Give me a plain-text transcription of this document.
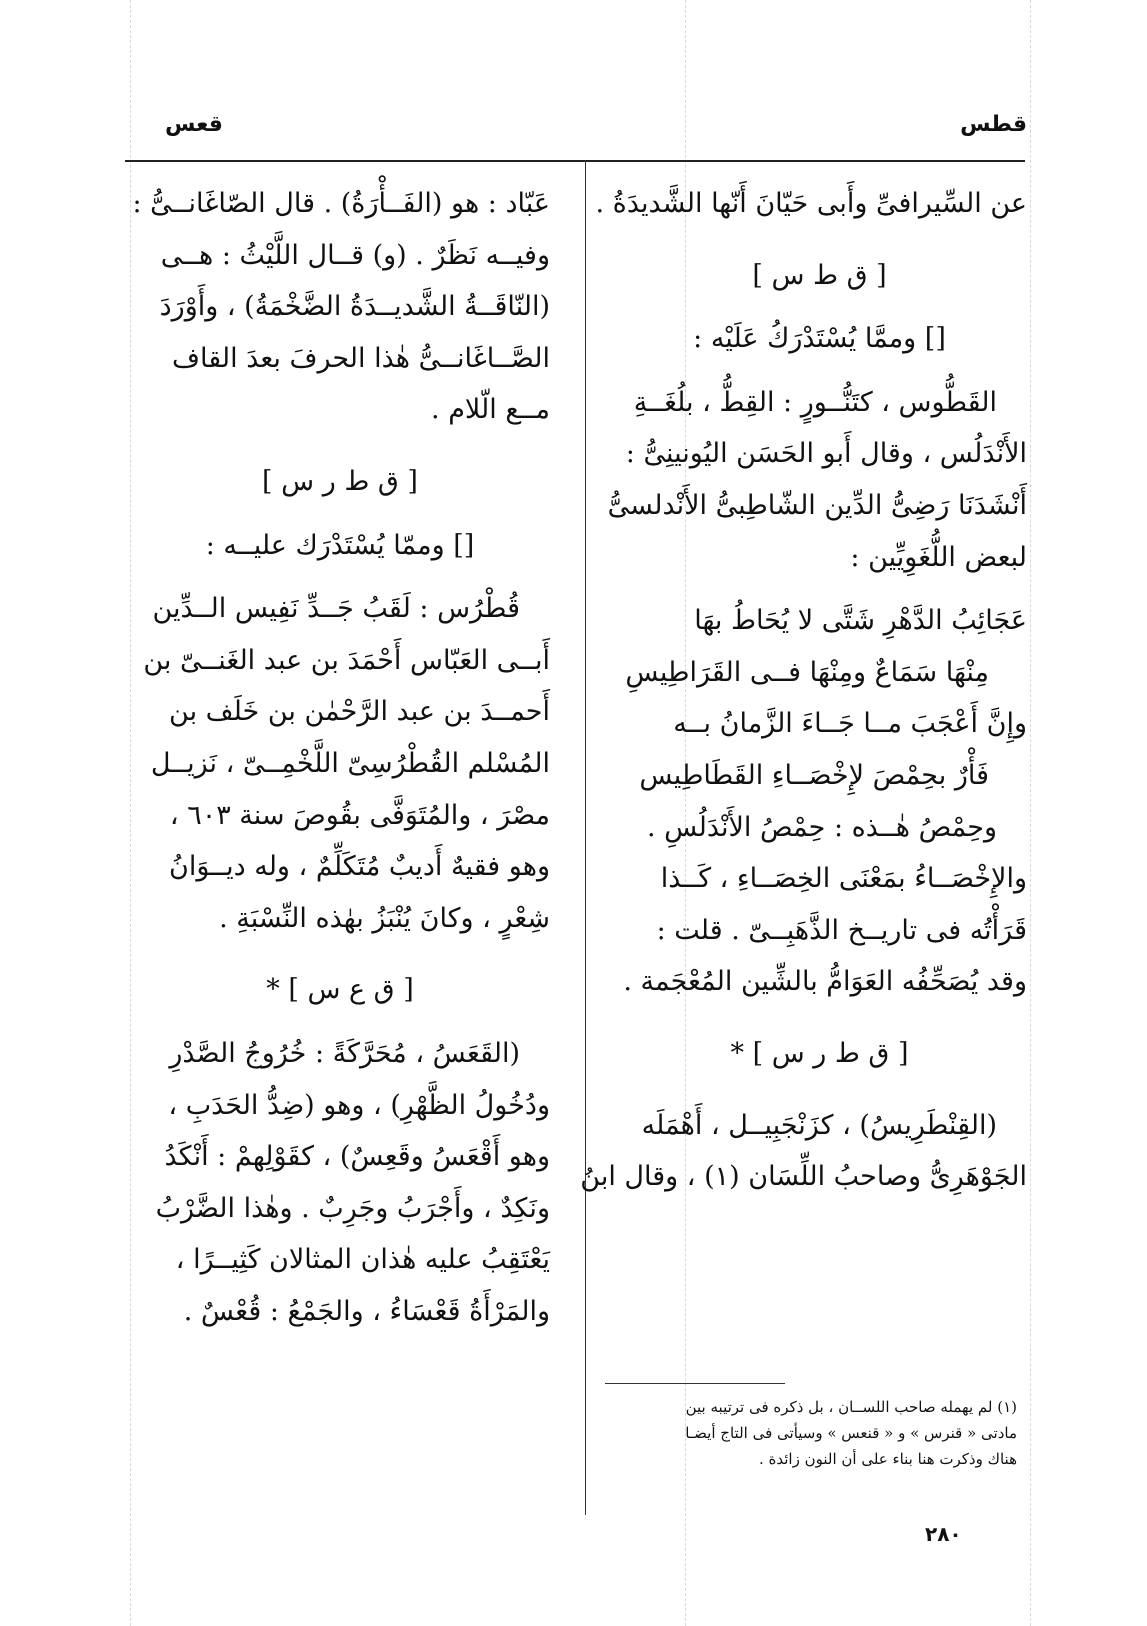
قطس
قعس
عن السِّيرافىِّ وأَبى حَيّانَ أَنّها الشَّديدَةُ .
[ ق ط س ]
[] وممَّا يُسْتَدْرَكُ عَلَيْه :
القَطُّوس ، كتَنُّــورٍ : القِطُّ ، بلُغَــةِ
الأَنْدَلُس ، وقال أَبو الحَسَن اليُونينِىُّ :
أَنْشَدَنَا رَضِىُّ الدِّين الشّاطِبىُّ الأَنْدلسىُّ
لبعض اللُّغَوِيِّين :
عَجَائِبُ الدَّهْرِ شَتَّى لا يُحَاطُ بهَا
مِنْهَا سَمَاعٌ ومِنْهَا فــى القَرَاطِيسِ
وإِنَّ أَعْجَبَ مــا جَــاءَ الزَّمانُ بــه
فَأْرٌ بحِمْصَ لإِخْصَــاءِ القَطَاطِيس
وحِمْصُ هٰــذه : حِمْصُ الأَنْدَلُسِ .
والإِخْصَــاءُ بمَعْنَى الخِصَــاءِ ، كَــذا
قَرَأْتُه فى تاريــخ الذَّهَبِــىّ . قلت :
وقد يُصَحِّفُه العَوَامُّ بالشِّين المُعْجَمة .
[ ق ط ر س ] *
(القِنْطَرِيسُ) ، كزَنْجَبِيــل ، أَهْمَلَه
الجَوْهَرِىُّ وصاحبُ اللِّسَان (١) ، وقال ابنُ
عَبّاد : هو (الفَــأْرَةُ) . قال الصّاغَانــىُّ :
وفيــه نَظَرٌ . (و) قــال اللَّيْثُ : هــى
(النّاقَــةُ الشَّديــدَةُ الضَّخْمَةُ) ، وأَوْرَدَ
الصَّــاغَانــىُّ هٰذا الحرفَ بعدَ القاف
مــع الّلام .
[ ق ط ر س ]
[] وممّا يُسْتَدْرَك عليــه :
قُطْرُس : لَقَبُ جَــدِّ نَفِيس الــدِّين
أَبــى العَبّاس أَحْمَدَ بن عبد الغَنــىّ بن
أَحمــدَ بن عبد الرَّحْمٰن بن خَلَف بن
المُسْلم القُطْرُسِىّ اللَّخْمِــىّ ، نَزيــل
مصْرَ ، والمُتَوَفَّى بقُوصَ سنة ٦٠٣ ،
وهو فقيهٌ أَديبٌ مُتَكَلِّمٌ ، وله ديــوَانُ
شِعْرٍ ، وكانَ يُنْبَزُ بهٰذه النِّسْبَةِ .
[ ق ع س ] *
(القَعَسُ ، مُحَرَّكَةً : خُرُوجُ الصَّدْرِ
ودُخُولُ الظَّهْرِ) ، وهو (ضِدُّ الحَدَبِ ،
وهو أَقْعَسُ وقَعِسٌ) ، كقَوْلِهمْ : أَنْكَدُ
ونَكِدٌ ، وأَجْرَبُ وجَرِبٌ . وهٰذا الضَّرْبُ
يَعْتَقِبُ عليه هٰذان المثالان كَثِيــرًا ،
والمَرْأَةُ قَعْسَاءُ ، والجَمْعُ : قُعْسٌ .
(١) لم يهمله صاحب اللســان ، بل ذكره فى ترتيبه بين
مادتى « قنرس » و « قنعس » وسيأتى فى التاج أيضـا
هناك وذكرت هنا بناء على أن النون زائدة .
٢٨٠
